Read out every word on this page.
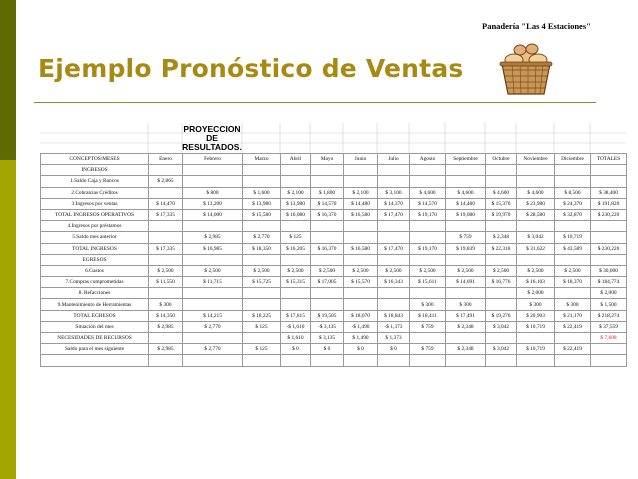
Panadería "Las 4 Estaciones"
Ejemplo Pronóstico de Ventas
PROYECCION
DE
RESULTADOS.
CONCEPTOS/MESES	Enero	Febrero	Marzo	Abril	Mayo	Junio	Julio	Agosto	Septiembre	Octubre	Noviembre	Diciembre	TOTALES
INGRESOS													
1.Saldo Caja y Bancos	$ 2,865												
2.Cobranzas Créditos		$ 800	$ 1,600	$ 2,100	$ 1,800	$ 2,100	$ 3,100	$ 4,600	$ 4,600	$ 4,600	$ 4,600	$ 8,500	$ 38,400
3.Ingresos por ventas	$ 14,470	$ 13,200	$ 13,980	$ 13,980	$ 14,570	$ 14,480	$ 14,370	$ 14,570	$ 14,480	$ 15,370	$ 23,980	$ 24,370	$ 191,820
TOTAL INGRESOS OPERATIVOS	$ 17,335	$ 14,000	$ 15,580	$ 16,080	$ 16,370	$ 16,580	$ 17,470	$ 19,170	$ 19,080	$ 19,970	$ 28,580	$ 32,870	$ 230,220
4.Ingresos por préstamos													
5.Saldo mes anterior		$ 2,985	$ 2,770	$ 125					$ 759	$ 2,348	$ 3,042	$ 10,719	
TOTAL INGRESOS	$ 17,335	$ 16,985	$ 18,350	$ 16,205	$ 16,370	$ 16,580	$ 17,470	$ 19,170	$ 19,839	$ 22,318	$ 31,622	$ 43,589	$ 230,220
EGRESOS													
6.Gastos	$ 2,500	$ 2,500	$ 2,500	$ 2,500	$ 2,500	$ 2,500	$ 2,500	$ 2,500	$ 2,500	$ 2,500	$ 2,500	$ 2,500	$ 30,000
7.Compras comprometidas	$ 11,550	$ 11,715	$ 15,725	$ 15,315	$ 17,005	$ 15,570	$ 16,343	$ 15,611	$ 14,691	$ 16,776	$ 16,103	$ 18,370	$ 184,774
8. Refacciones											$ 2,000		$ 2,000
9.Mantenimiento de Herramientas	$ 300							$ 300	$ 300		$ 300	$ 300	$ 1,500
TOTAL EGRESOS	$ 14,350	$ 14,215	$ 18,225	$ 17,815	$ 19,505	$ 18,070	$ 18,843	$ 18,411	$ 17,491	$ 19,276	$ 20,903	$ 21,170	$ 218,274
Situación del mes	$ 2,985	$ 2,770	$ 125	-$ 1,610	-$ 3,135	-$ 1,490	-$ 1,373	$ 759	$ 2,348	$ 3,042	$ 10,719	$ 22,419	$ 37,559
NECESIDADES DE RECURSOS				$ 1,610	$ 3,135	$ 1,490	$ 1,373						$ 7,608
Saldo para el mes siguiente	$ 2,985	$ 2,770	$ 125	$ 0	$ 0	$ 0	$ 0	$ 759	$ 2,348	$ 3,042	$ 10,719	$ 22,419	
